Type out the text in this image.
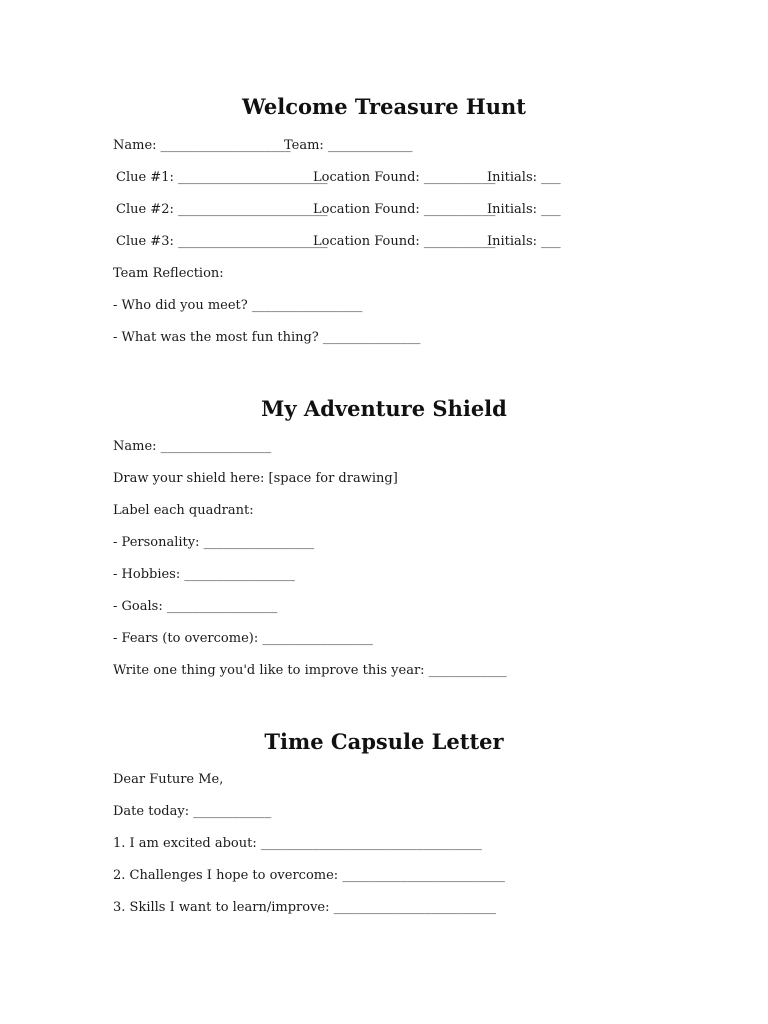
Welcome Treasure Hunt

Name: ____________________

Team: _____________

Clue #1: _______________________

Location Found: ___________

Initials: ___

Clue #2: _______________________

Location Found: ___________

Initials: ___

Clue #3: _______________________

Location Found: ___________

Initials: ___

Team Reflection:

- Who did you meet? _________________

- What was the most fun thing? _______________

My Adventure Shield

Name: _________________

Draw your shield here: [space for drawing]

Label each quadrant:

- Personality: _________________

- Hobbies: _________________

- Goals: _________________

- Fears (to overcome): _________________

Write one thing you'd like to improve this year: ____________

Time Capsule Letter

Dear Future Me,

Date today: ____________

1. I am excited about: __________________________________

2. Challenges I hope to overcome: _________________________

3. Skills I want to learn/improve: _________________________
